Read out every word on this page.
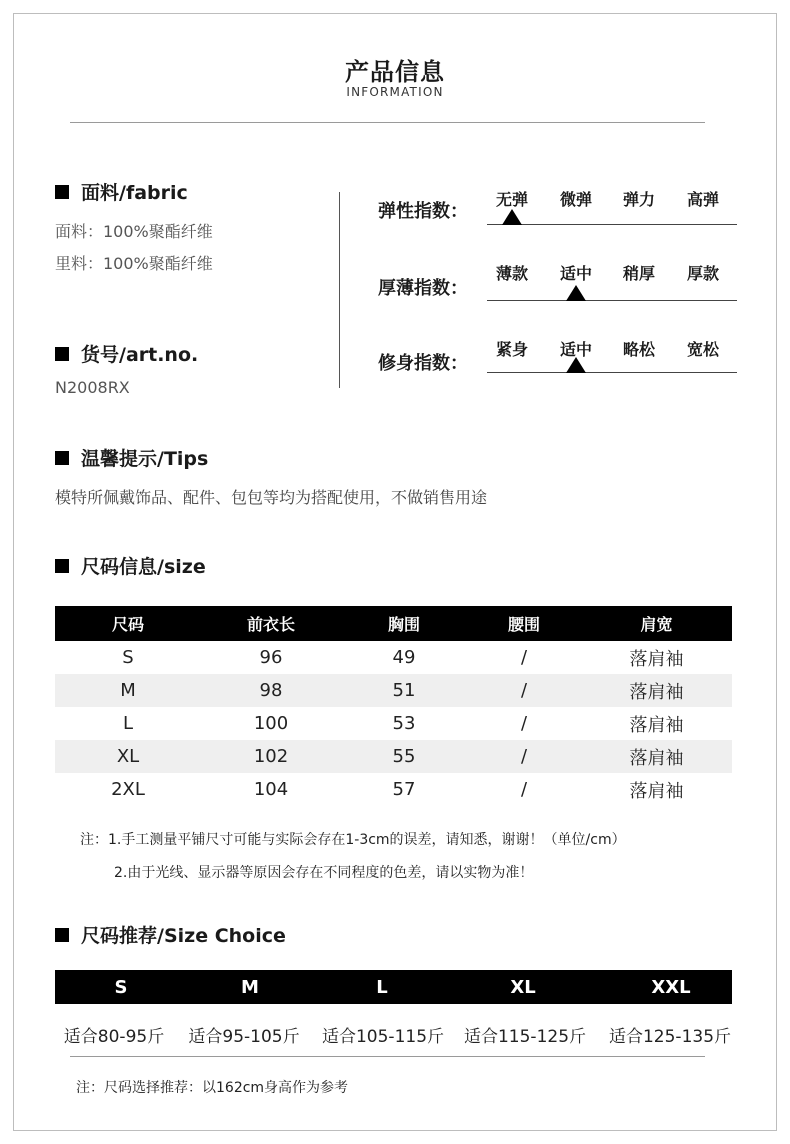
产品信息
INFORMATION
面料/fabric
面料：100%聚酯纤维
里料：100%聚酯纤维
货号/art.no.
N2008RX
弹性指数：
无弹	微弹	弹力	高弹
厚薄指数：
薄款	适中	稍厚	厚款
修身指数：
紧身	适中	略松	宽松
温馨提示/Tips
模特所佩戴饰品、配件、包包等均为搭配使用，不做销售用途
尺码信息/size
尺码	前衣长	胸围	腰围	肩宽
S	96	49	/	落肩袖
M	98	51	/	落肩袖
L	100	53	/	落肩袖
XL	102	55	/	落肩袖
2XL	104	57	/	落肩袖
注：1.手工测量平铺尺寸可能与实际会存在1-3cm的误差，请知悉，谢谢！（单位/cm）
2.由于光线、显示器等原因会存在不同程度的色差，请以实物为准！
尺码推荐/Size Choice
S	M	L	XL	XXL
适合80-95斤	适合95-105斤	适合105-115斤	适合115-125斤	适合125-135斤
注：尺码选择推荐：以162cm身高作为参考
